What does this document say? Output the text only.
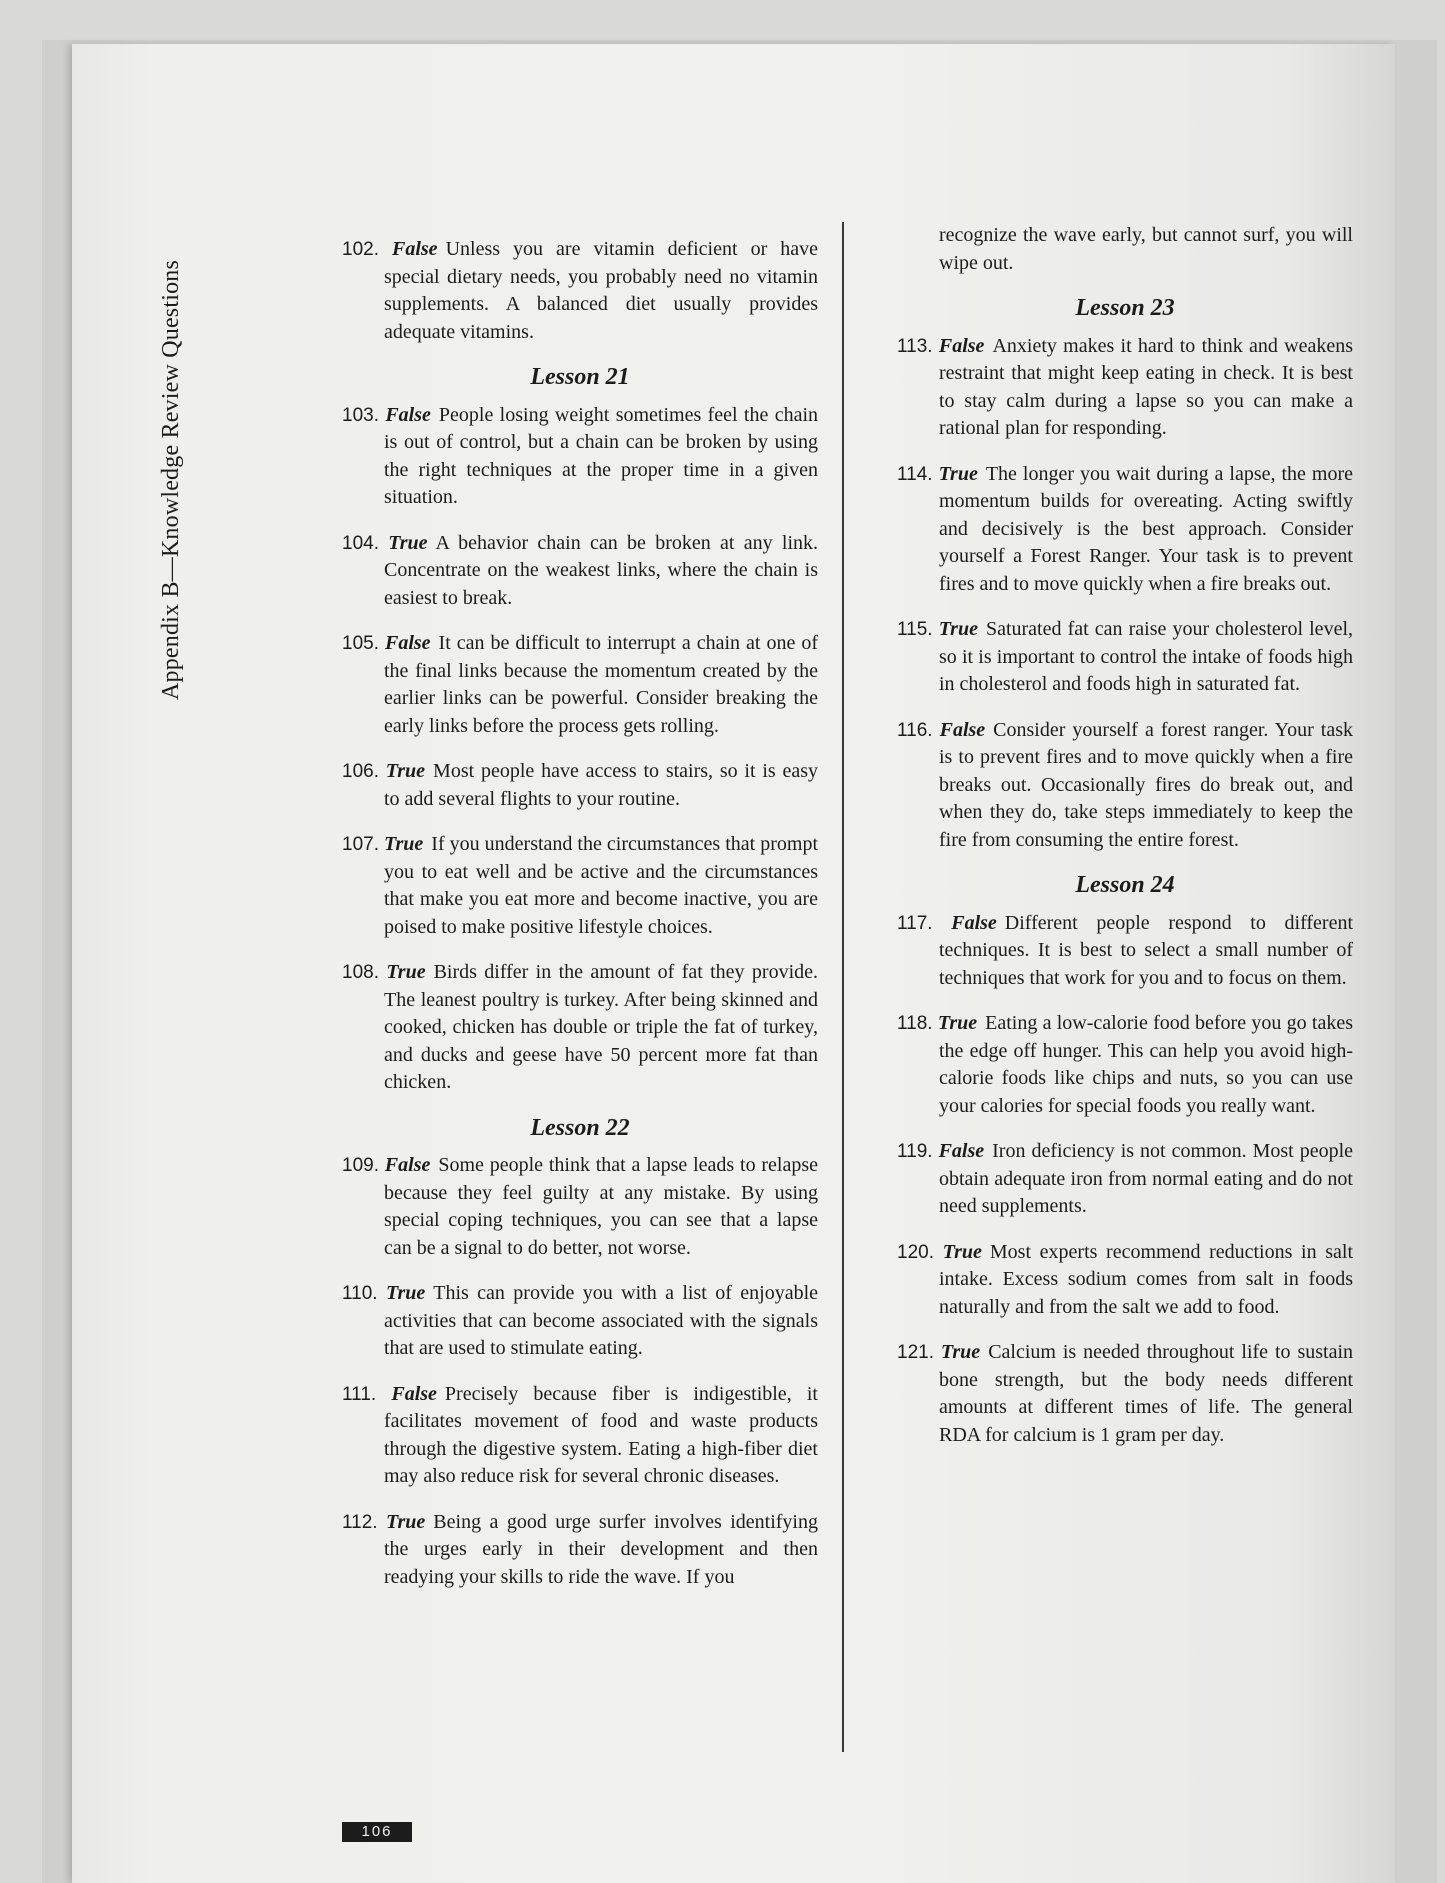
Appendix B—Knowledge Review Questions

102. False Unless you are vitamin deficient or have special dietary needs, you probably need no vitamin supplements. A balanced diet usually provides adequate vitamins.

Lesson 21

103. False People losing weight sometimes feel the chain is out of control, but a chain can be broken by using the right techniques at the proper time in a given situation.

104. True A behavior chain can be broken at any link. Concentrate on the weakest links, where the chain is easiest to break.

105. False It can be difficult to interrupt a chain at one of the final links because the momentum created by the earlier links can be powerful. Consider breaking the early links before the process gets rolling.

106. True Most people have access to stairs, so it is easy to add several flights to your routine.

107. True If you understand the circumstances that prompt you to eat well and be active and the circumstances that make you eat more and become inactive, you are poised to make positive lifestyle choices.

108. True Birds differ in the amount of fat they provide. The leanest poultry is turkey. After being skinned and cooked, chicken has double or triple the fat of turkey, and ducks and geese have 50 percent more fat than chicken.

Lesson 22

109. False Some people think that a lapse leads to relapse because they feel guilty at any mistake. By using special coping techniques, you can see that a lapse can be a signal to do better, not worse.

110. True This can provide you with a list of enjoyable activities that can become associated with the signals that are used to stimulate eating.

111. False Precisely because fiber is indigestible, it facilitates movement of food and waste products through the digestive system. Eating a high-fiber diet may also reduce risk for several chronic diseases.

112. True Being a good urge surfer involves identifying the urges early in their development and then readying your skills to ride the wave. If you

recognize the wave early, but cannot surf, you will wipe out.

Lesson 23

113. False Anxiety makes it hard to think and weakens restraint that might keep eating in check. It is best to stay calm during a lapse so you can make a rational plan for responding.

114. True The longer you wait during a lapse, the more momentum builds for overeating. Acting swiftly and decisively is the best approach. Consider yourself a Forest Ranger. Your task is to prevent fires and to move quickly when a fire breaks out.

115. True Saturated fat can raise your cholesterol level, so it is important to control the intake of foods high in cholesterol and foods high in saturated fat.

116. False Consider yourself a forest ranger. Your task is to prevent fires and to move quickly when a fire breaks out. Occasionally fires do break out, and when they do, take steps immediately to keep the fire from consuming the entire forest.

Lesson 24

117. False Different people respond to different techniques. It is best to select a small number of techniques that work for you and to focus on them.

118. True Eating a low-calorie food before you go takes the edge off hunger. This can help you avoid high-calorie foods like chips and nuts, so you can use your calories for special foods you really want.

119. False Iron deficiency is not common. Most people obtain adequate iron from normal eating and do not need supplements.

120. True Most experts recommend reductions in salt intake. Excess sodium comes from salt in foods naturally and from the salt we add to food.

121. True Calcium is needed throughout life to sustain bone strength, but the body needs different amounts at different times of life. The general RDA for calcium is 1 gram per day.

106
